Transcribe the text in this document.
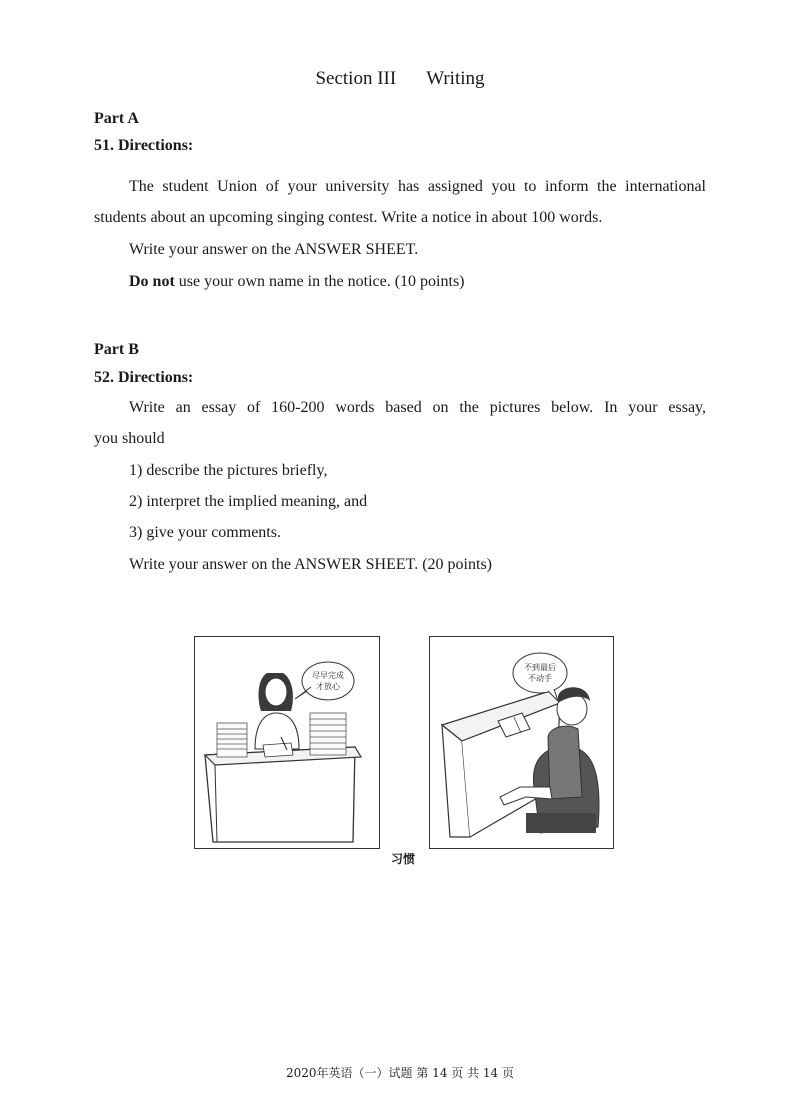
Section III Writing
Part A
51. Directions:
The student Union of your university has assigned you to inform the international
students about an upcoming singing contest. Write a notice in about 100 words.
Write your answer on the ANSWER SHEET.
Do not use your own name in the notice. (10 points)
Part B
52. Directions:
Write an essay of 160-200 words based on the pictures below. In your essay,
you should
1) describe the pictures briefly,
2) interpret the implied meaning, and
3) give your comments.
Write your answer on the ANSWER SHEET. (20 points)
尽早完成
才放心
不到最后
不动手
习惯
2020年英语（一）试题 第 14 页 共 14 页
